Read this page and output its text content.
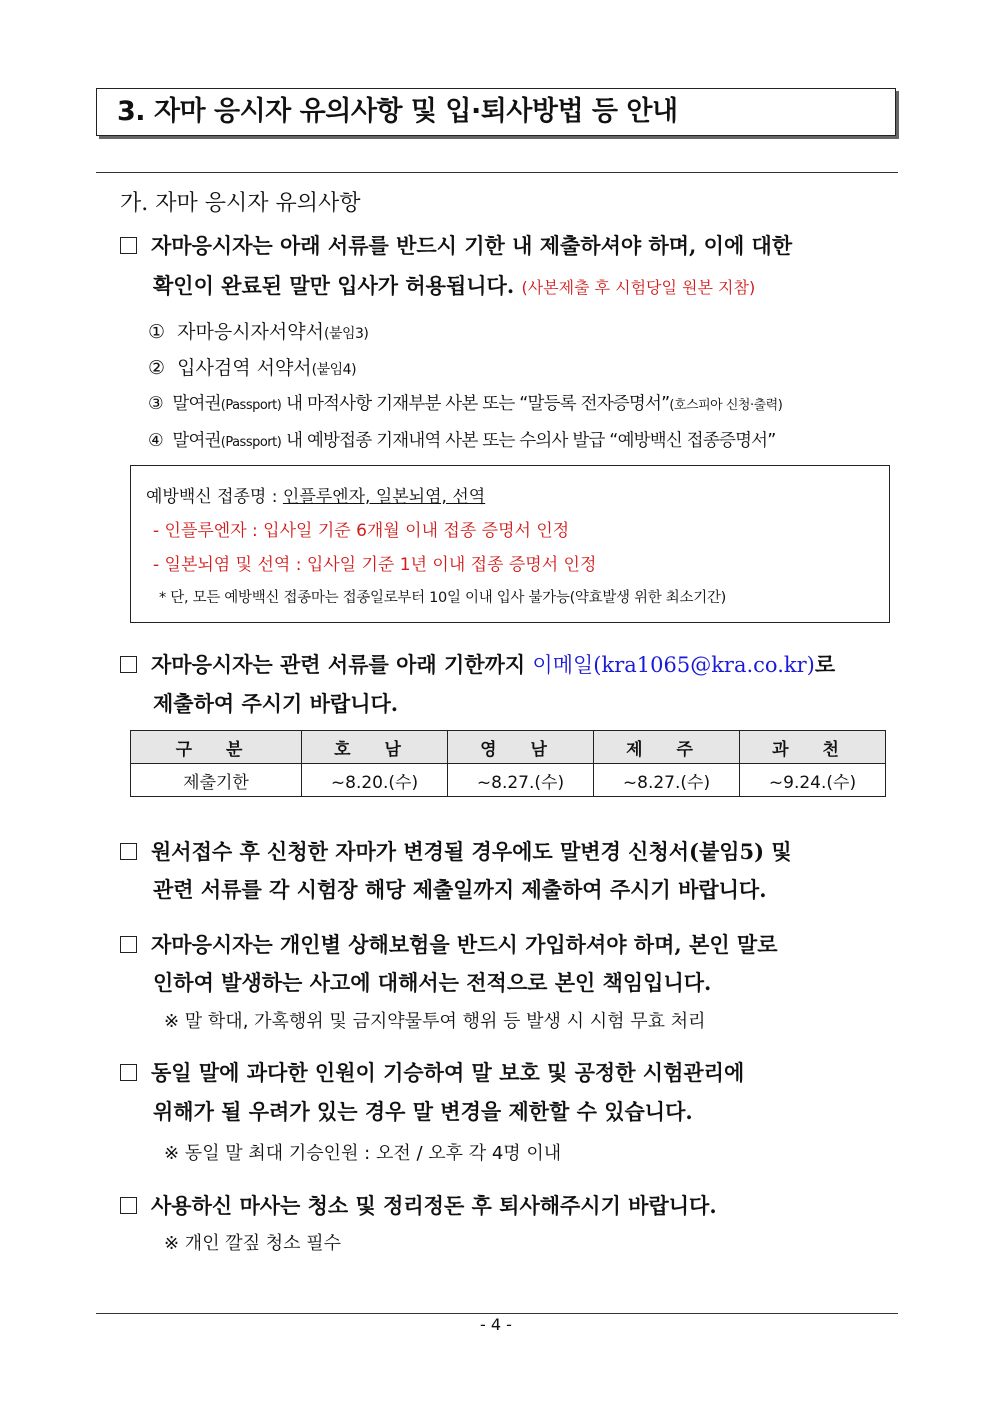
3. 자마 응시자 유의사항 및 입·퇴사방법 등 안내
가. 자마 응시자 유의사항
자마응시자는 아래 서류를 반드시 기한 내 제출하셔야 하며, 이에 대한
확인이 완료된 말만 입사가 허용됩니다. (사본제출 후 시험당일 원본 지참)
① 자마응시자서약서(붙임3)
② 입사검역 서약서(붙임4)
③ 말여권(Passport) 내 마적사항 기재부분 사본 또는 “말등록 전자증명서”(호스피아 신청·출력)
④ 말여권(Passport) 내 예방접종 기재내역 사본 또는 수의사 발급 “예방백신 접종증명서”
예방백신 접종명 : 인플루엔자, 일본뇌염, 선역
- 인플루엔자 : 입사일 기준 6개월 이내 접종 증명서 인정
- 일본뇌염 및 선역 : 입사일 기준 1년 이내 접종 증명서 인정
* 단, 모든 예방백신 접종마는 접종일로부터 10일 이내 입사 불가능(약효발생 위한 최소기간)
자마응시자는 관련 서류를 아래 기한까지 이메일(kra1065@kra.co.kr)로
제출하여 주시기 바랍니다.
구 분	호 남	영 남	제 주	과 천
제출기한	~8.20.(수)	~8.27.(수)	~8.27.(수)	~9.24.(수)
원서접수 후 신청한 자마가 변경될 경우에도 말변경 신청서(붙임5) 및
관련 서류를 각 시험장 해당 제출일까지 제출하여 주시기 바랍니다.
자마응시자는 개인별 상해보험을 반드시 가입하셔야 하며, 본인 말로
인하여 발생하는 사고에 대해서는 전적으로 본인 책임입니다.
※ 말 학대, 가혹행위 및 금지약물투여 행위 등 발생 시 시험 무효 처리
동일 말에 과다한 인원이 기승하여 말 보호 및 공정한 시험관리에
위해가 될 우려가 있는 경우 말 변경을 제한할 수 있습니다.
※ 동일 말 최대 기승인원 : 오전 / 오후 각 4명 이내
사용하신 마사는 청소 및 정리정돈 후 퇴사해주시기 바랍니다.
※ 개인 깔짚 청소 필수
- 4 -
